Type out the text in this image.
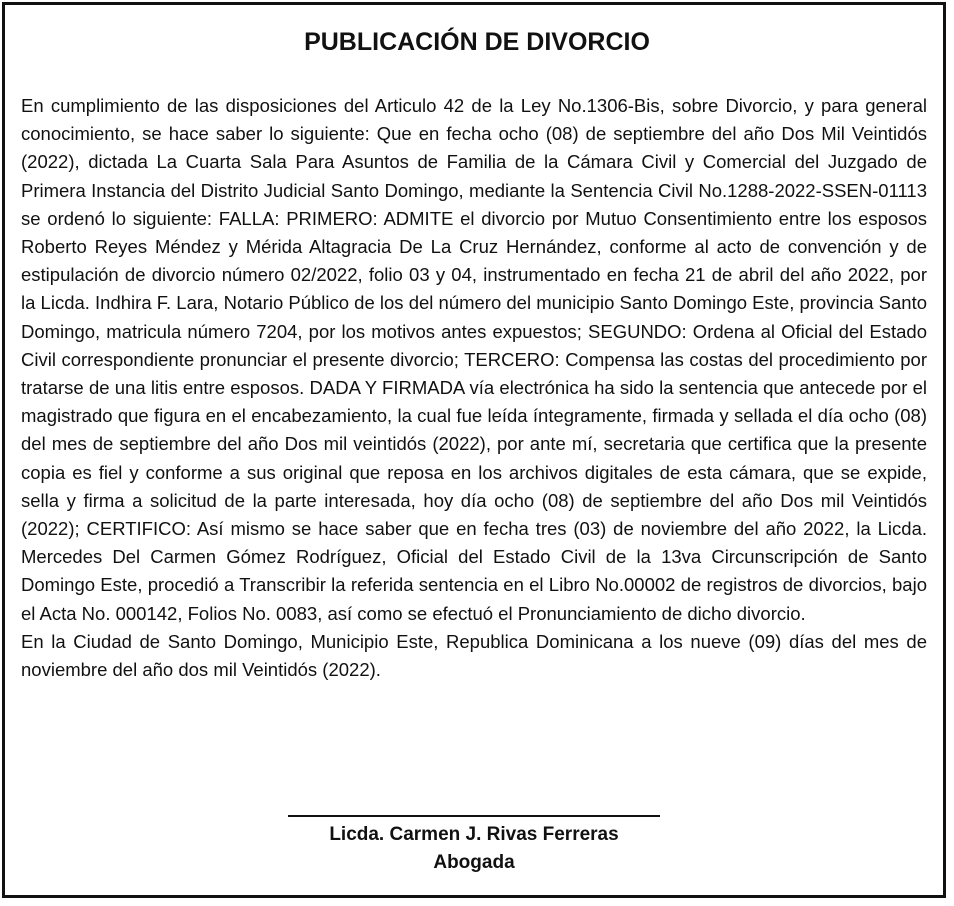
PUBLICACIÓN DE DIVORCIO

En cumplimiento de las disposiciones del Articulo 42 de la Ley No.1306-Bis, sobre Divorcio, y para general conocimiento, se hace saber lo siguiente: Que en fecha ocho (08) de septiembre del año Dos Mil Veintidós (2022), dictada La Cuarta Sala Para Asuntos de Familia de la Cámara Civil y Comercial del Juzgado de Primera Instancia del Distrito Judicial Santo Domingo, mediante la Sentencia Civil No.1288-2022-SSEN-01113 se ordenó lo siguiente: FALLA: PRIMERO: ADMITE el divorcio por Mutuo Consentimiento entre los esposos Roberto Reyes Méndez y Mérida Altagracia De La Cruz Hernández, conforme al acto de convención y de estipulación de divorcio número 02/2022, folio 03 y 04, instrumentado en fecha 21 de abril del año 2022, por la Licda. Indhira F. Lara, Notario Público de los del número del municipio Santo Domingo Este, provincia Santo Domingo, matricula número 7204, por los motivos antes expuestos; SEGUNDO: Ordena al Oficial del Estado Civil correspondiente pronunciar el presente divorcio; TERCERO: Compensa las costas del procedimiento por tratarse de una litis entre esposos. DADA Y FIRMADA vía electrónica ha sido la sentencia que antecede por el magistrado que figura en el encabezamiento, la cual fue leída íntegramente, firmada y sellada el día ocho (08) del mes de septiembre del año Dos mil veintidós (2022), por ante mí, secretaria que certifica que la presente copia es fiel y conforme a sus original que reposa en los archivos digitales de esta cámara, que se expide, sella y firma a solicitud de la parte interesada, hoy día ocho (08) de septiembre del año Dos mil Veintidós (2022); CERTIFICO: Así mismo se hace saber que en fecha tres (03) de noviembre del año 2022, la Licda. Mercedes Del Carmen Gómez Rodríguez, Oficial del Estado Civil de la 13va Circunscripción de Santo Domingo Este, procedió a Transcribir la referida sentencia en el Libro No.00002 de registros de divorcios, bajo el Acta No. 000142, Folios No. 0083, así como se efectuó el Pronunciamiento de dicho divorcio.

En la Ciudad de Santo Domingo, Municipio Este, Republica Dominicana a los nueve (09) días del mes de noviembre del año dos mil Veintidós (2022).

Licda. Carmen J. Rivas Ferreras
Abogada
